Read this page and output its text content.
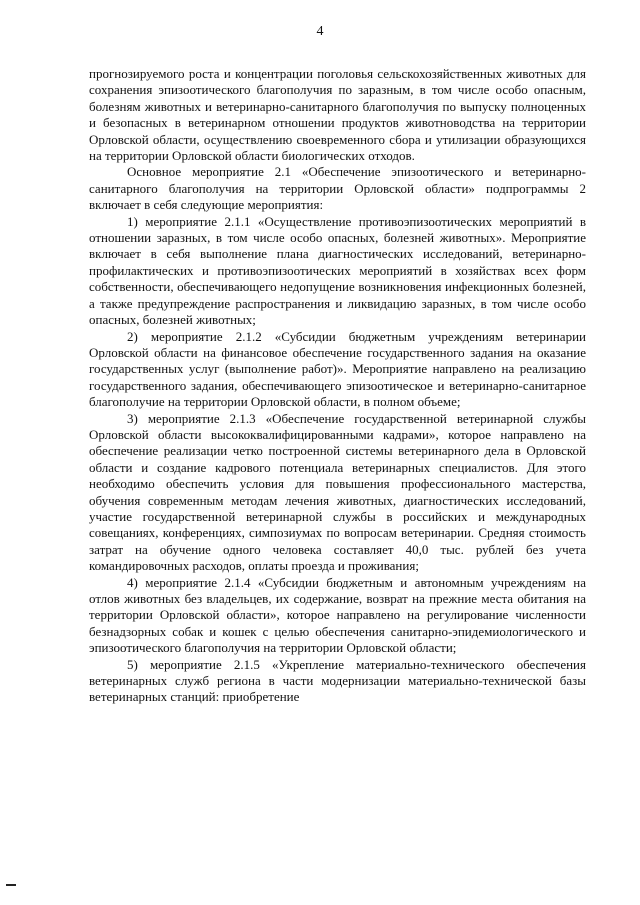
4

прогнозируемого роста и концентрации поголовья сельскохозяйственных животных для сохранения эпизоотического благополучия по заразным, в том числе особо опасным, болезням животных и ветеринарно-санитарного благополучия по выпуску полноценных и безопасных в ветеринарном отношении продуктов животноводства на территории Орловской области, осуществлению своевременного сбора и утилизации образующихся на территории Орловской области биологических отходов.

Основное мероприятие 2.1 «Обеспечение эпизоотического и ветеринарно-санитарного благополучия на территории Орловской области» подпрограммы 2 включает в себя следующие мероприятия:

1) мероприятие 2.1.1 «Осуществление противоэпизоотических мероприятий в отношении заразных, в том числе особо опасных, болезней животных». Мероприятие включает в себя выполнение плана диагностических исследований, ветеринарно-профилактических и противоэпизоотических мероприятий в хозяйствах всех форм собственности, обеспечивающего недопущение возникновения инфекционных болезней, а также предупреждение распространения и ликвидацию заразных, в том числе особо опасных, болезней животных;

2) мероприятие 2.1.2 «Субсидии бюджетным учреждениям ветеринарии Орловской области на финансовое обеспечение государственного задания на оказание государственных услуг (выполнение работ)». Мероприятие направлено на реализацию государственного задания, обеспечивающего эпизоотическое и ветеринарно-санитарное благополучие на территории Орловской области, в полном объеме;

3) мероприятие 2.1.3 «Обеспечение государственной ветеринарной службы Орловской области высококвалифицированными кадрами», которое направлено на обеспечение реализации четко построенной системы ветеринарного дела в Орловской области и создание кадрового потенциала ветеринарных специалистов. Для этого необходимо обеспечить условия для повышения профессионального мастерства, обучения современным методам лечения животных, диагностических исследований, участие государственной ветеринарной службы в российских и международных совещаниях, конференциях, симпозиумах по вопросам ветеринарии. Средняя стоимость затрат на обучение одного человека составляет 40,0 тыс. рублей без учета командировочных расходов, оплаты проезда и проживания;

4) мероприятие 2.1.4 «Субсидии бюджетным и автономным учреждениям на отлов животных без владельцев, их содержание, возврат на прежние места обитания на территории Орловской области», которое направлено на регулирование численности безнадзорных собак и кошек с целью обеспечения санитарно-эпидемиологического и эпизоотического благополучия на территории Орловской области;

5) мероприятие 2.1.5 «Укрепление материально-технического обеспечения ветеринарных служб региона в части модернизации материально-технической базы ветеринарных станций: приобретение
